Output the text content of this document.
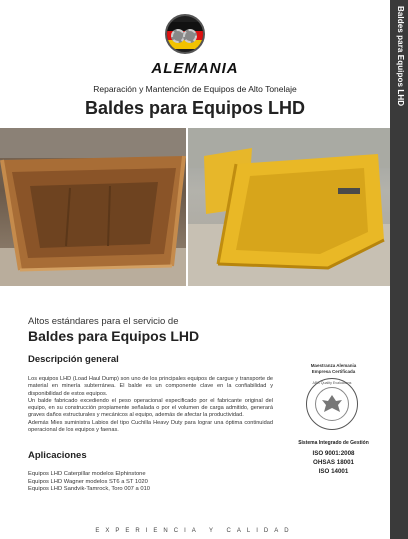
Baldes para Equipos LHD
ALEMANIA
Reparación y Mantención de Equipos de Alto Tonelaje
Baldes para Equipos LHD
Altos estándares para el servicio de
Baldes para Equipos LHD
Descripción general

Los equipos LHD (Load Haul Dump) son uno de los principales equipos de cargue y transporte de material en minería subterránea. El balde es un componente clave en la confiabilidad y disponibilidad de estos equipos.

Un balde fabricado excediendo el peso operacional especificado por el fabricante original del equipo, en su construcción propiamente señalada o por el volumen de carga admitido, generará graves daños estructurales y mecánicos al equipo, además de afectar la productividad.

Además Mies suministra Labios del tipo Cuchilla Heavy Duty para lograr una óptima continuidad operacional de los equipos y faenas.

Aplicaciones
Equipos LHD Caterpillar modelos Elphinstone
Equipos LHD Wagner modelos ST6 a ST 1020
Equipos LHD Sandvik-Tamrock, Toro 007 a 010
Maestranza Alemania
Empresa Certificada
ABS Quality Evaluations
Sistema Integrado de Gestión
ISO 9001:2008
OHSAS 18001
ISO 14001
EXPERIENCIA Y CALIDAD
